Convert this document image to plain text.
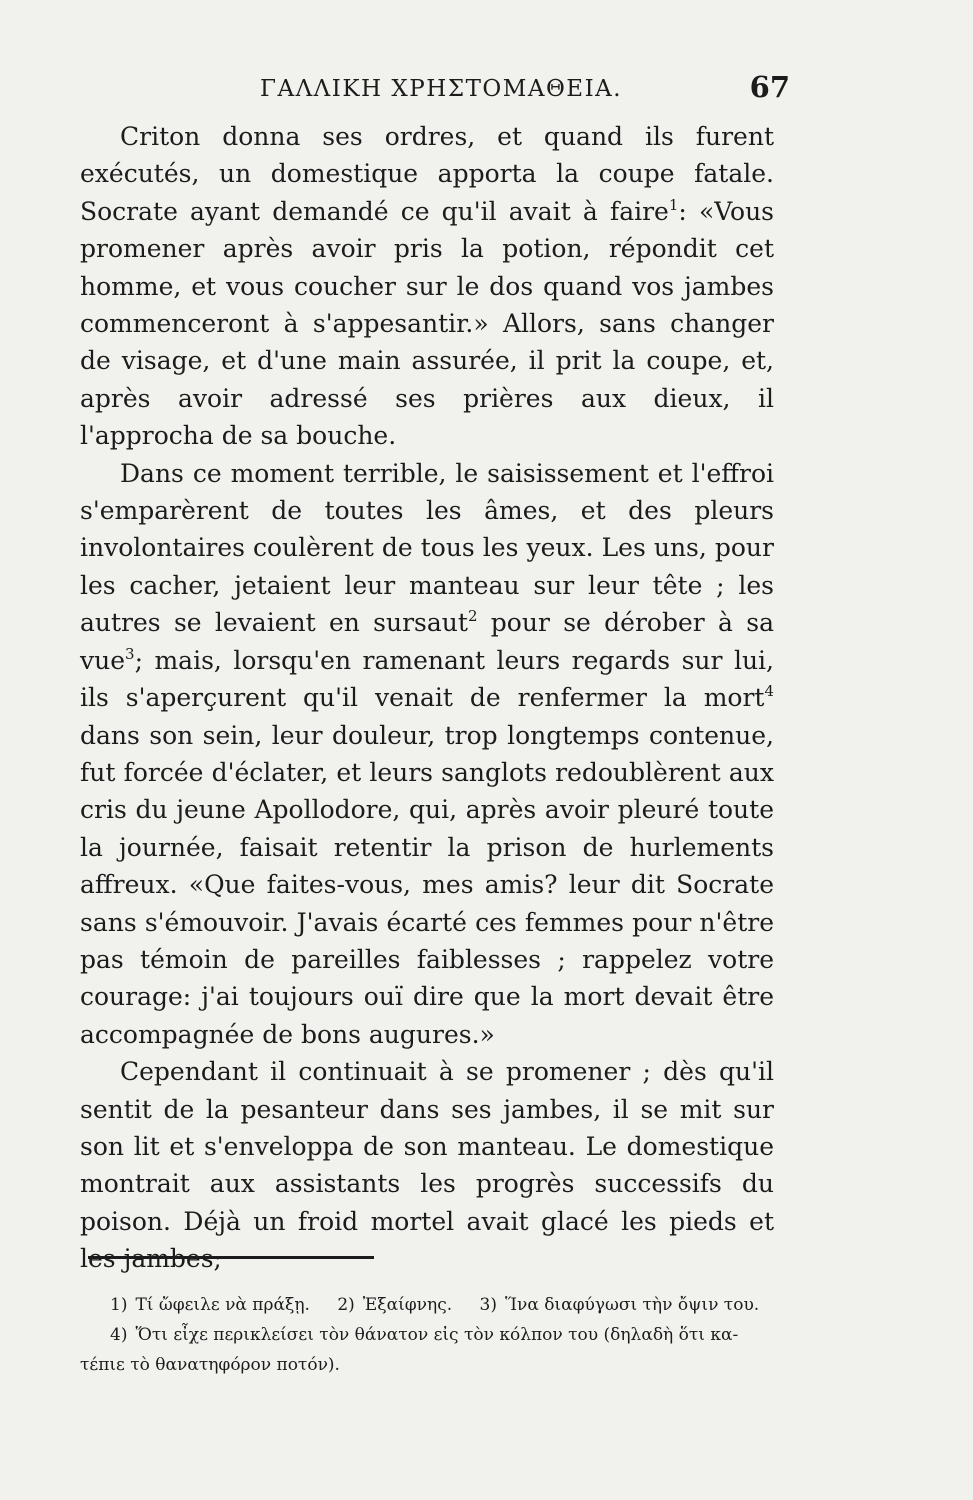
ΓΑΛΛΙΚΗ ΧΡΗΣΤΟΜΑΘΕΙΑ.	67

Criton donna ses ordres, et quand ils furent exécutés, un domestique apporta la coupe fatale. Socrate ayant demandé ce qu'il avait à faire$^1$: «Vous promener après avoir pris la potion, répondit cet homme, et vous coucher sur le dos quand vos jambes commenceront à s'appesantir.» Allors, sans changer de visage, et d'une main assurée, il prit la coupe, et, après avoir adressé ses prières aux dieux, il l'approcha de sa bouche.

Dans ce moment terrible, le saisissement et l'effroi s'emparèrent de toutes les âmes, et des pleurs involontaires coulèrent de tous les yeux. Les uns, pour les cacher, jetaient leur manteau sur leur tête ; les autres se levaient en sursaut$^2$ pour se dérober à sa vue$^3$; mais, lorsqu'en ramenant leurs regards sur lui, ils s'aperçurent qu'il venait de renfermer la mort$^4$ dans son sein, leur douleur, trop longtemps contenue, fut forcée d'éclater, et leurs sanglots redoublèrent aux cris du jeune Apollodore, qui, après avoir pleuré toute la journée, faisait retentir la prison de hurlements affreux. «Que faites-vous, mes amis? leur dit Socrate sans s'émouvoir. J'avais écarté ces femmes pour n'être pas témoin de pareilles faiblesses ; rappelez votre courage: j'ai toujours ouï dire que la mort devait être accompagnée de bons augures.»

Cependant il continuait à se promener ; dès qu'il sentit de la pesanteur dans ses jambes, il se mit sur son lit et s'enveloppa de son manteau. Le domestique montrait aux assistants les progrès successifs du poison. Déjà un froid mortel avait glacé les pieds et les jambes;

1) Τί ὤφειλε νὰ πράξῃ. 2) Ἐξαίφνης. 3) Ἵνα διαφύγωσι τὴν ὄψιν του.
4) Ὅτι εἶχε περικλείσει τὸν θάνατον εἰς τὸν κόλπον του (δηλαδὴ ὅτι κα-
τέπιε τὸ θανατηφόρον ποτόν).
